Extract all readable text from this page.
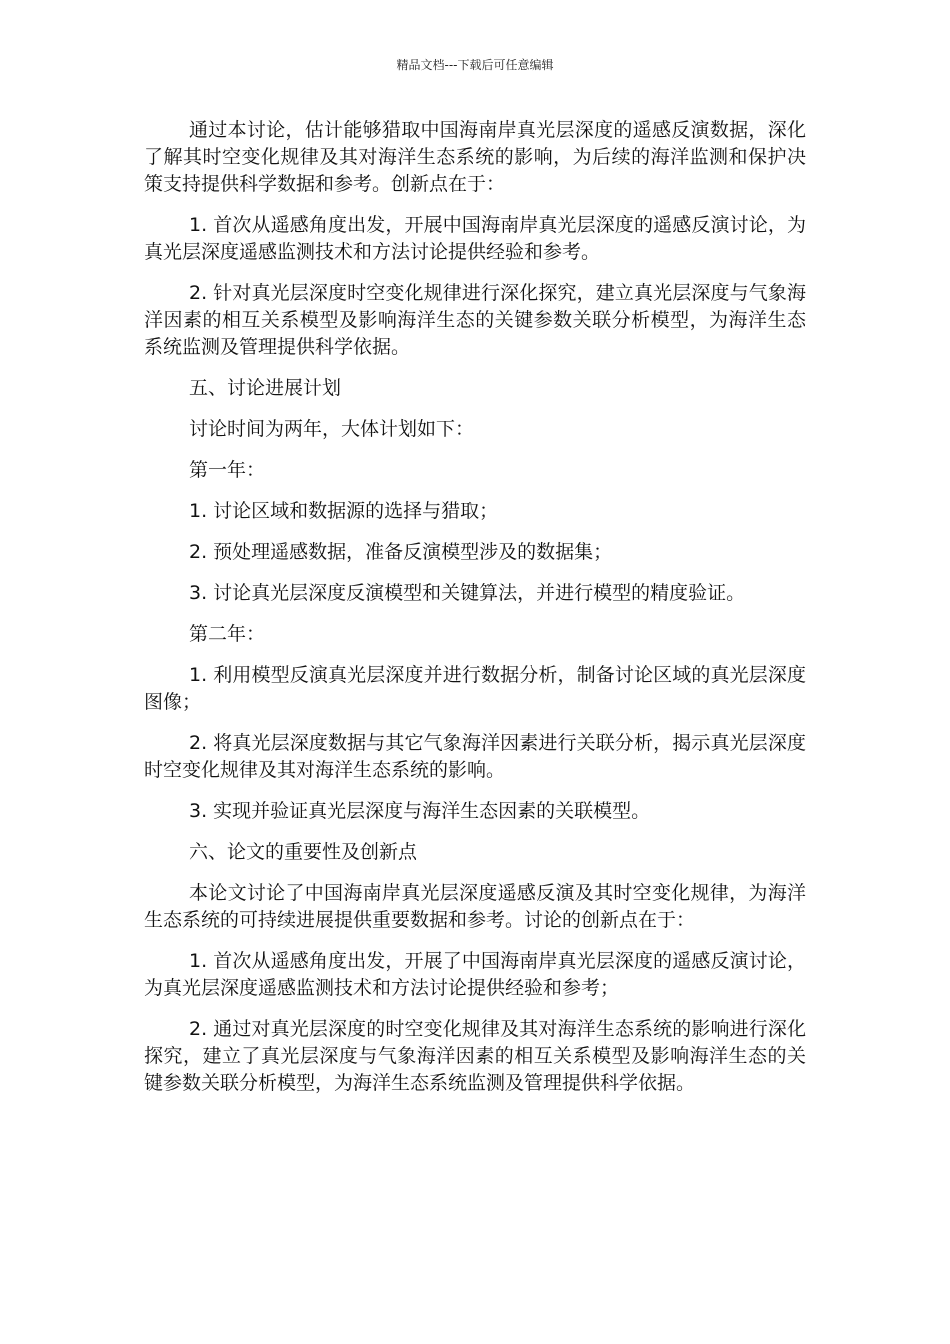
精品文档---下载后可任意编辑

通过本讨论，估计能够猎取中国海南岸真光层深度的遥感反演数据，深化了解其时空变化规律及其对海洋生态系统的影响，为后续的海洋监测和保护决策支持提供科学数据和参考。创新点在于：

1. 首次从遥感角度出发，开展中国海南岸真光层深度的遥感反演讨论，为真光层深度遥感监测技术和方法讨论提供经验和参考。

2. 针对真光层深度时空变化规律进行深化探究，建立真光层深度与气象海洋因素的相互关系模型及影响海洋生态的关键参数关联分析模型，为海洋生态系统监测及管理提供科学依据。

五、讨论进展计划

讨论时间为两年，大体计划如下：

第一年：

1. 讨论区域和数据源的选择与猎取；

2. 预处理遥感数据，准备反演模型涉及的数据集；

3. 讨论真光层深度反演模型和关键算法，并进行模型的精度验证。

第二年：

1. 利用模型反演真光层深度并进行数据分析，制备讨论区域的真光层深度图像；

2. 将真光层深度数据与其它气象海洋因素进行关联分析，揭示真光层深度时空变化规律及其对海洋生态系统的影响。

3. 实现并验证真光层深度与海洋生态因素的关联模型。

六、论文的重要性及创新点

本论文讨论了中国海南岸真光层深度遥感反演及其时空变化规律，为海洋生态系统的可持续进展提供重要数据和参考。讨论的创新点在于：

1. 首次从遥感角度出发，开展了中国海南岸真光层深度的遥感反演讨论，为真光层深度遥感监测技术和方法讨论提供经验和参考；

2. 通过对真光层深度的时空变化规律及其对海洋生态系统的影响进行深化探究，建立了真光层深度与气象海洋因素的相互关系模型及影响海洋生态的关键参数关联分析模型，为海洋生态系统监测及管理提供科学依据。
